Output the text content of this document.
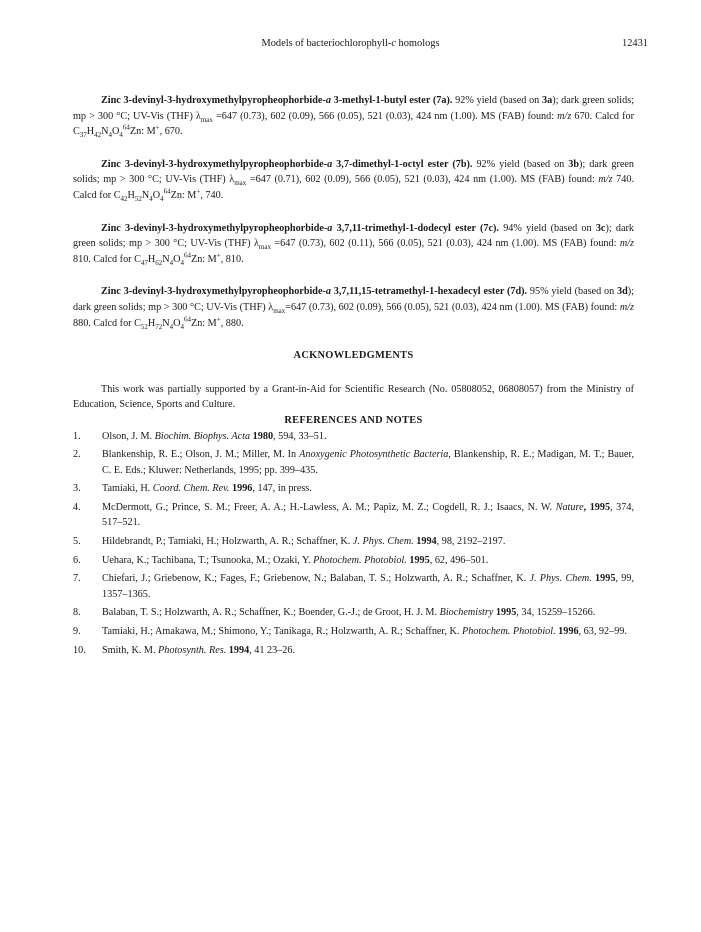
Models of bacteriochlorophyll-c homologs	12431

Zinc 3-devinyl-3-hydroxymethylpyropheophorbide-a 3-methyl-1-butyl ester (7a). 92% yield (based on 3a); dark green solids; mp > 300 °C; UV-Vis (THF) $\lambda_{max} =647$ (0.73), 602 (0.09), 566 (0.05), 521 (0.03), 424 nm (1.00). MS (FAB) found: m/z 670. Calcd for $C_{37}H_{42}N_4O_4^{64}Zn$: M+, 670.

Zinc 3-devinyl-3-hydroxymethylpyropheophorbide-a 3,7-dimethyl-1-octyl ester (7b). 92% yield (based on 3b); dark green solids; mp > 300 °C; UV-Vis (THF) $\lambda_{max} =647$ (0.71), 602 (0.09), 566 (0.05), 521 (0.03), 424 nm (1.00). MS (FAB) found: m/z 740. Calcd for $C_{42}H_{52}N_4O_4^{64}Zn$: M+, 740.

Zinc 3-devinyl-3-hydroxymethylpyropheophorbide-a 3,7,11-trimethyl-1-dodecyl ester (7c). 94% yield (based on 3c); dark green solids; mp > 300 °C; UV-Vis (THF) $\lambda_{max} =647$ (0.73), 602 (0.11), 566 (0.05), 521 (0.03), 424 nm (1.00). MS (FAB) found: m/z 810. Calcd for $C_{47}H_{62}N_4O_4^{64}Zn$: M+, 810.

Zinc 3-devinyl-3-hydroxymethylpyropheophorbide-a 3,7,11,15-tetramethyl-1-hexadecyl ester (7d). 95% yield (based on 3d); dark green solids; mp > 300 °C; UV-Vis (THF) $\lambda_{max}=647$ (0.73), 602 (0.09), 566 (0.05), 521 (0.03), 424 nm (1.00). MS (FAB) found: m/z 880. Calcd for $C_{52}H_{72}N_4O_4^{64}Zn$: M+, 880.

ACKNOWLEDGMENTS

This work was partially supported by a Grant-in-Aid for Scientific Research (No. 05808052, 06808057) from the Ministry of Education, Science, Sports and Culture.

REFERENCES AND NOTES
1.	Olson, J. M. Biochim. Biophys. Acta 1980, 594, 33–51.
2.	Blankenship, R. E.; Olson, J. M.; Miller, M. In Anoxygenic Photosynthetic Bacteria, Blankenship, R. E.; Madigan, M. T.; Bauer, C. E. Eds.; Kluwer: Netherlands, 1995; pp. 399–435.
3.	Tamiaki, H. Coord. Chem. Rev. 1996, 147, in press.
4.	McDermott, G.; Prince, S. M.; Freer, A. A.; H.-Lawless, A. M.; Papiz, M. Z.; Cogdell, R. J.; Isaacs, N. W. Nature, 1995, 374, 517–521.
5.	Hildebrandt, P.; Tamiaki, H.; Holzwarth, A. R.; Schaffner, K. J. Phys. Chem. 1994, 98, 2192–2197.
6.	Uehara, K.; Tachibana, T.; Tsunooka, M.; Ozaki, Y. Photochem. Photobiol. 1995, 62, 496–501.
7.	Chiefari, J.; Griebenow, K.; Fages, F.; Griebenow, N.; Balaban, T. S.; Holzwarth, A. R.; Schaffner, K. J. Phys. Chem. 1995, 99, 1357–1365.
8.	Balaban, T. S.; Holzwarth, A. R.; Schaffner, K.; Boender, G.-J.; de Groot, H. J. M. Biochemistry 1995, 34, 15259–15266.
9.	Tamiaki, H.; Amakawa, M.; Shimono, Y.; Tanikaga, R.; Holzwarth, A. R.; Schaffner, K. Photochem. Photobiol. 1996, 63, 92–99.
10.	Smith, K. M. Photosynth. Res. 1994, 41 23–26.
